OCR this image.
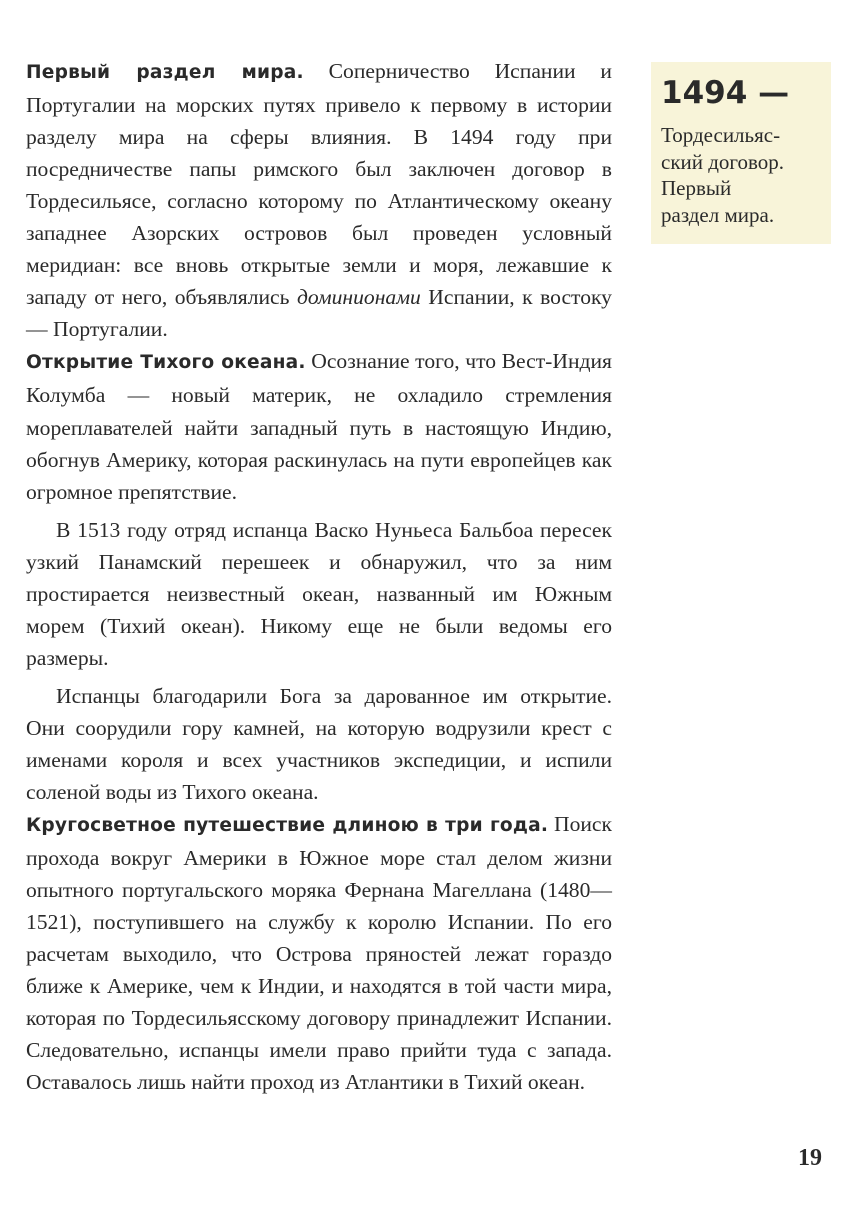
Первый раздел мира. Соперничество Испании и Португалии на морских путях привело к первому в истории разделу мира на сферы влияния. В 1494 году при посредничестве папы римского был заключен договор в Тордесильясе, согласно которому по Атлантическому океану западнее Азорских островов был проведен условный меридиан: все вновь открытые земли и моря, лежавшие к западу от него, объявлялись доминионами Испании, к востоку — Португалии.

Открытие Тихого океана. Осознание того, что Вест-Индия Колумба — новый материк, не охладило стремления мореплавателей найти западный путь в настоящую Индию, обогнув Америку, которая раскинулась на пути европейцев как огромное препятствие.

В 1513 году отряд испанца Васко Нуньеса Бальбоа пересек узкий Панамский перешеек и обнаружил, что за ним простирается неизвестный океан, названный им Южным морем (Тихий океан). Никому еще не были ведомы его размеры.

Испанцы благодарили Бога за дарованное им открытие. Они соорудили гору камней, на которую водрузили крест с именами короля и всех участников экспедиции, и испили соленой воды из Тихого океана.

Кругосветное путешествие длиною в три года. Поиск прохода вокруг Америки в Южное море стал делом жизни опытного португальского моряка Фернана Магеллана (1480—1521), поступившего на службу к королю Испании. По его расчетам выходило, что Острова пряностей лежат гораздо ближе к Америке, чем к Индии, и находятся в той части мира, которая по Тордесильясскому договору принадлежит Испании. Следовательно, испанцы имели право прийти туда с запада. Оставалось лишь найти проход из Атлантики в Тихий океан.

1494 —
Тордесильяс-
ский договор.
Первый
раздел мира.
19
